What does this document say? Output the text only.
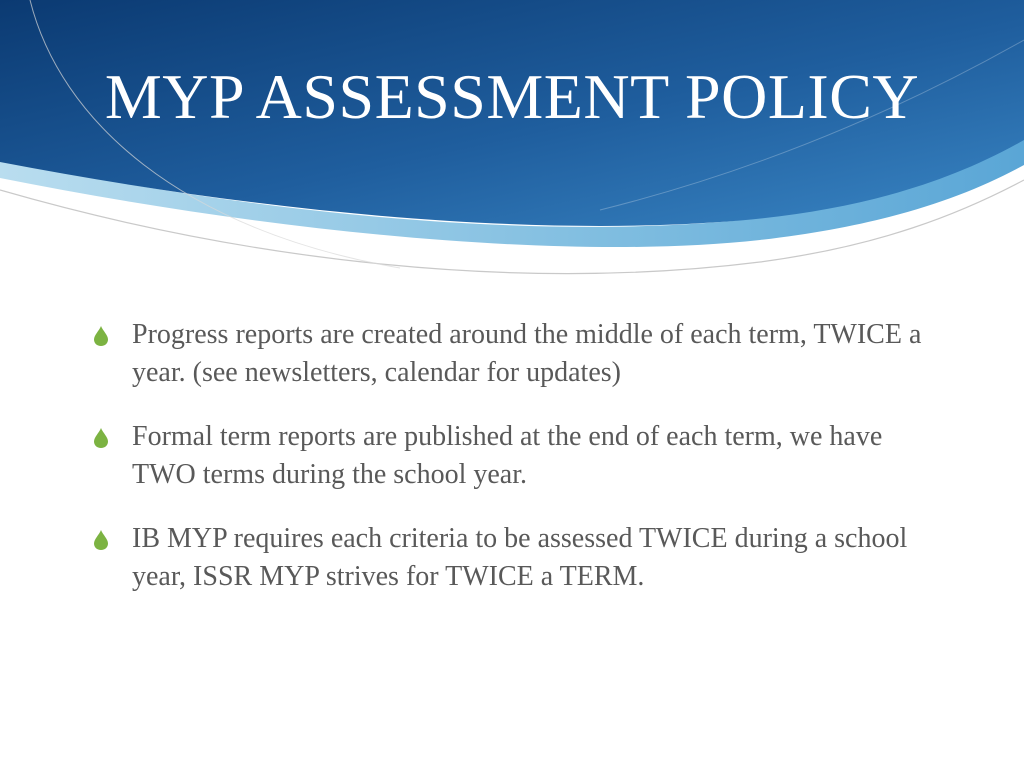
MYP ASSESSMENT POLICY
Progress reports are created around the middle of each term, TWICE a year. (see newsletters, calendar for updates)
Formal term reports are published at the end of each term, we have TWO terms during the school year.
IB MYP requires each criteria to be assessed TWICE during a school year, ISSR MYP strives for TWICE a TERM.
